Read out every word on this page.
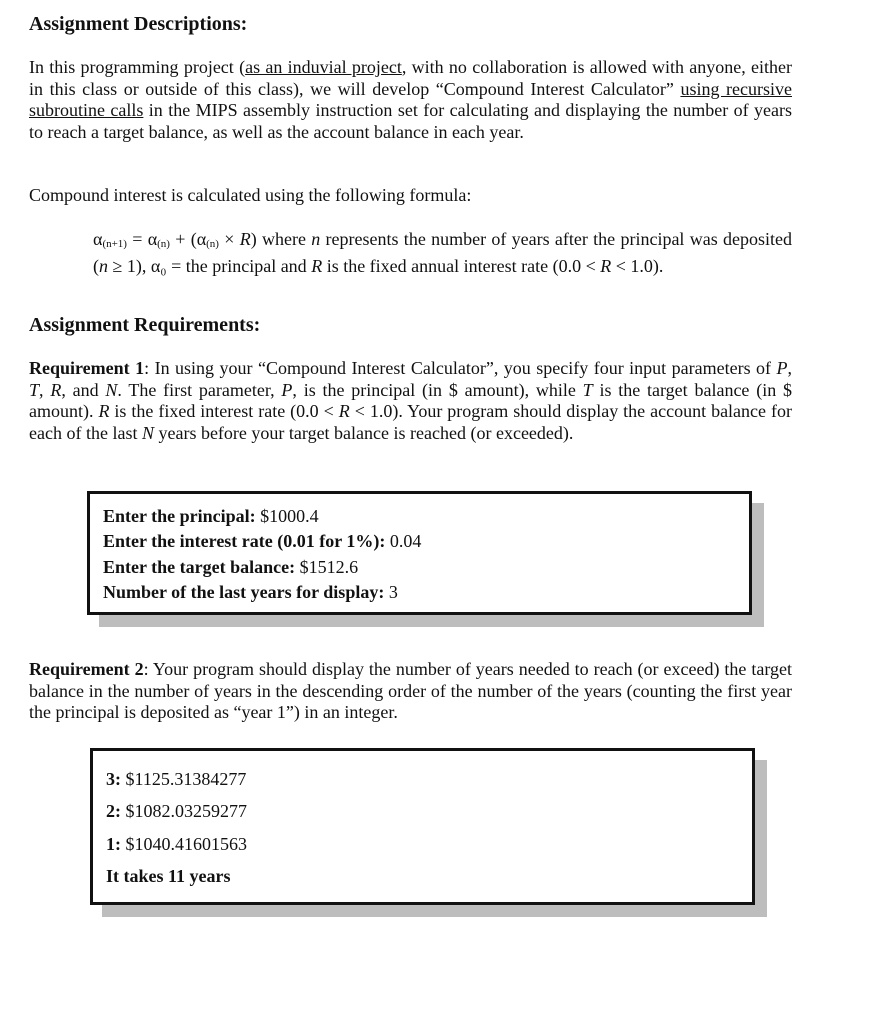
Assignment Descriptions:

In this programming project (as an induvial project, with no collaboration is allowed with anyone, either in this class or outside of this class), we will develop “Compound Interest Calculator” using recursive subroutine calls in the MIPS assembly instruction set for calculating and displaying the number of years to reach a target balance, as well as the account balance in each year.

Compound interest is calculated using the following formula:

$\alpha_{(n+1)} = \alpha_{(n)} + (\alpha_{(n)} \times R)$ where n represents the number of years after the principal was deposited (n ≥ 1), α₀ = the principal and R is the fixed annual interest rate (0.0 < R < 1.0).

Assignment Requirements:

Requirement 1: In using your “Compound Interest Calculator”, you specify four input parameters of P, T, R, and N. The first parameter, P, is the principal (in $ amount), while T is the target balance (in $ amount). R is the fixed interest rate (0.0 < R < 1.0). Your program should display the account balance for each of the last N years before your target balance is reached (or exceeded).

Requirement 2: Your program should display the number of years needed to reach (or exceed) the target balance in the number of years in the descending order of the number of the years (counting the first year the principal is deposited as “year 1”) in an integer.

Enter the principal: $1000.4

Enter the interest rate (0.01 for 1%): 0.04

Enter the target balance: $1512.6

Number of the last years for display: 3

3: $1125.31384277

2: $1082.03259277

1: $1040.41601563

It takes 11 years
